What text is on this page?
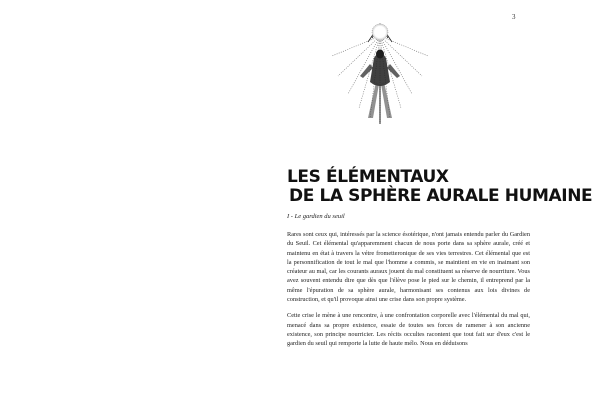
3
LES ÉLÉMENTAUX
DE LA SPHÈRE AURALE HUMAINE
I - Le gardien du seuil

Rares sont ceux qui, intéressés par la science ésotérique, n'ont jamais entendu parler du Gardien du Seuil. Cet élémental qu'apparemment chacun de nous porte dans sa sphère aurale, créé et maintenu en état à travers la vétre frometteronique de ses vies terrestres. Cet élémental que est la personnification de tout le mal que l'homme a commis, se maintient en vie en inaimant son créateur au mal, car les courants auraux jouent du mal constituent sa réserve de nourriture. Vous avez souvent entendu dire que dès que l'élève pose le pied sur le chemin, il entreprend par la même l'épuration de sa sphère aurale, harmonisant ses contenus aux lois divines de construction, et qu'il provoque ainsi une crise dans son propre système.

Cette crise le mène à une rencontre, à une confrontation corporelle avec l'élémental du mal qui, menacé dans sa propre existence, essaie de toutes ses forces de ramener à son ancienne existence, son principe nourricier. Les récits occultes racontent que tout fait sur d'eux c'est le gardien du seuil qui remporte la lutte de haute mélo. Nous en déduisons
